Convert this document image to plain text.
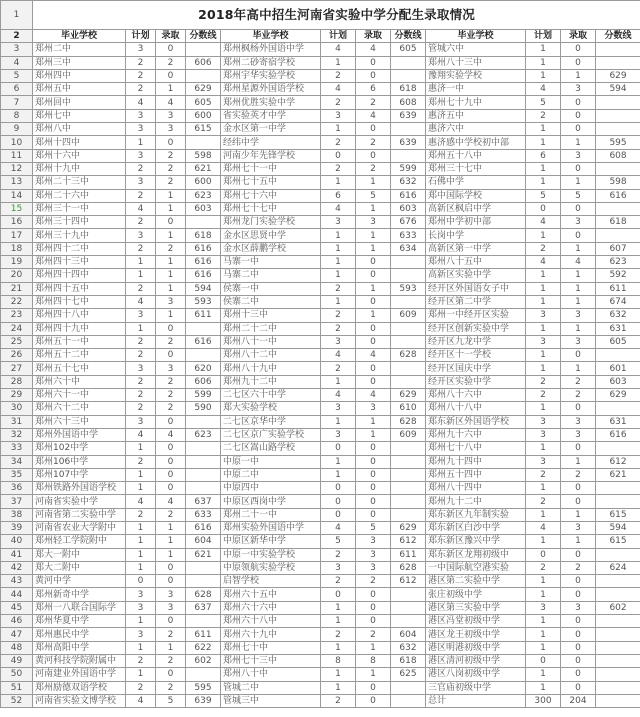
1	2018年高中招生河南省实验中学分配生录取情况											
2	毕业学校	计划	录取	分数线	毕业学校	计划	录取	分数线	毕业学校	计划	录取	分数线
3	郑州二中	3	0		郑州枫杨外国语中学	4	4	605	管城六中	1	0	
4	郑州三中	2	2	606	郑州二砂寄宿学校	1	0		郑州八十三中	1	0	
5	郑州四中	2	0		郑州宇华实验学校	2	0		豫翔实验学校	1	1	629
6	郑州五中	2	1	629	郑州星源外国语学校	4	6	618	惠济一中	4	3	594
7	郑州回中	4	4	605	郑州优胜实验中学	2	2	608	郑州七十九中	5	0	
8	郑州七中	3	3	600	省实验英才中学	3	4	639	惠济五中	2	0	
9	郑州八中	3	3	615	金水区第一中学	1	0		惠济六中	1	0	
10	郑州十四中	1	0		经纬中学	2	2	639	惠济感中学校初中部	1	1	595
11	郑州十六中	3	2	598	河南少年先锋学校	0	0		郑州五十八中	6	3	608
12	郑州十九中	2	2	621	郑州七十一中	2	2	599	郑州三十七中	1	0	
13	郑州二十三中	3	2	600	郑州七十五中	1	1	632	石佛中学	1	1	598
14	郑州二十六中	2	1	623	郑州七十六中	6	5	616	郑中国际学校	5	5	616
15	郑州三十一中	4	1	603	郑州七十七中	4	1	603	高新区枫启中学	0	0	
16	郑州三十四中	2	0		郑州龙门实验学校	3	3	676	郑州中学初中部	4	3	618
17	郑州三十九中	3	1	618	金水区思贤中学	1	1	633	长岗中学	1	0	
18	郑州四十二中	2	2	616	金水区薛鹏学校	1	1	634	高新区第一中学	2	1	607
19	郑州四十三中	1	1	616	马寨一中	1	0		郑州八十五中	4	4	623
20	郑州四十四中	1	1	616	马寨二中	1	0		高新区实验中学	1	1	592
21	郑州四十五中	2	1	594	侯寨一中	2	1	593	经开区外国语女子中	1	1	611
22	郑州四十七中	4	3	593	侯寨二中	1	0		经开区第二中学	1	1	674
23	郑州四十八中	3	1	611	郑州十三中	2	1	609	郑州一中经开区实验	3	3	632
24	郑州四十九中	1	0		郑州二十二中	2	0		经开区创新实验中学	1	1	631
25	郑州五十一中	2	2	616	郑州八十一中	3	0		经开区九龙中学	3	3	605
26	郑州五十二中	2	0		郑州八十二中	4	4	628	经开区十一学校	1	0	
27	郑州五十七中	3	3	620	郑州八十九中	2	0		经开区国庆中学	1	1	601
28	郑州六十中	2	2	606	郑州九十二中	1	0		经开区实验中学	2	2	603
29	郑州六十一中	2	2	599	二七区六十中学	4	4	629	郑州八十六中	2	2	629
30	郑州六十二中	2	2	590	郑大实验学校	3	3	610	郑州八十八中	1	0	
31	郑州六十三中	3	0		二七区京华中学	1	1	628	郑东新区外国语学校	3	3	631
32	郑州外国语中学	4	4	623	二七区京广实验学校	3	1	609	郑州九十六中	3	3	616
33	郑州102中学	1	0		二七区嵩山路学校	0	0		郑州七十八中	1	0	
34	郑州106中学	2	0		中原一中	1	0		郑州九十四中	3	1	612
35	郑州107中学	1	0		中原二中	1	0		郑州五十四中	2	2	621
36	郑州铁路外国语学校	1	0		中原四中	0	0		郑州八十四中	1	0	
37	河南省实验中学	4	4	637	中原区西岗中学	0	0		郑州九十二中	2	0	
38	河南省第二实验中学	2	2	633	郑州二十一中	0	0		郑东新区九年制实验	1	1	615
39	河南省农业大学附中	1	1	616	郑州实验外国语中学	4	5	629	郑东新区白沙中学	4	3	594
40	郑州轻工学院附中	1	1	604	中原区新华中学	5	3	612	郑东新区豫兴中学	1	1	615
41	郑大一附中	1	1	621	中原一中实验学校	2	3	611	郑东新区龙翔初级中	0	0	
42	郑大二附中	1	0		中原领航实验学校	3	3	628	一中国际航空港实验	2	2	624
43	黄河中学	0	0		启智学校	2	2	612	港区第二实验中学	1	0	
44	郑州新奇中学	3	3	628	郑州六十五中	0	0		张庄初级中学	1	0	
45	郑州一八联合国际学	3	3	637	郑州六十六中	1	0		港区第三实验中学	3	3	602
46	郑州华夏中学	1	0		郑州六十八中	1	0		港区冯堂初级中学	1	0	
47	郑州惠民中学	3	2	611	郑州六十九中	2	2	604	港区龙王初级中学	1	0	
48	郑州高阳中学	1	1	622	郑州七十中	1	1	632	港区明港初级中学	1	0	
49	黄河科技学院附属中	2	2	602	郑州七十三中	8	8	618	港区清河初级中学	0	0	
50	河南建业外国语中学	1	0		郑州八十中	1	1	625	港区八岗初级中学	1	0	
51	郑州励德双语学校	2	2	595	管城二中	1	0		三官庙初级中学	1	0	
52	河南省实验文博学校	4	5	639	管城三中	2	0		总计	300	204	
